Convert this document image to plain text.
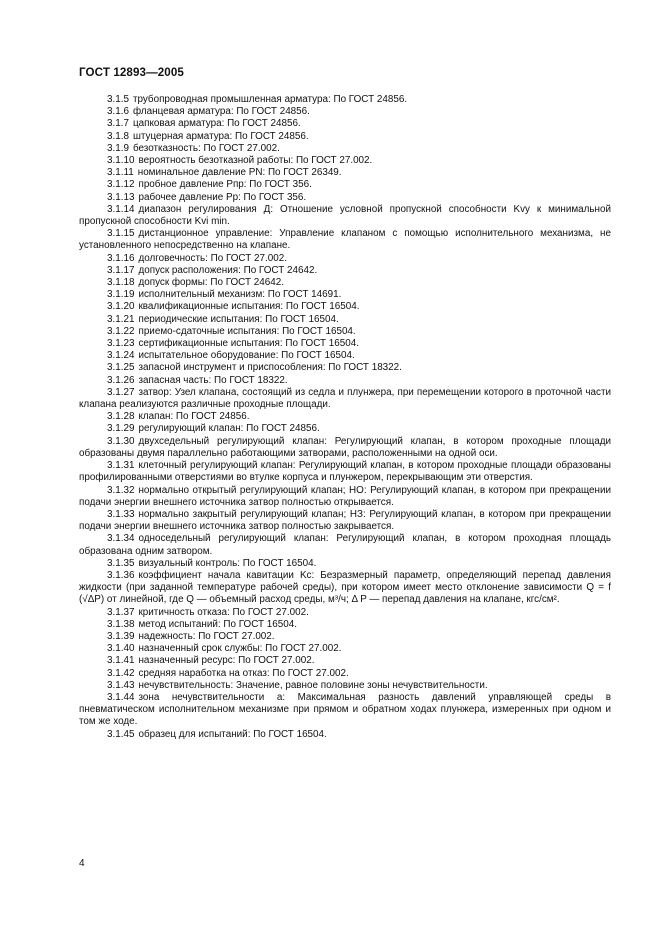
ГОСТ 12893—2005

3.1.5 трубопроводная промышленная арматура: По ГОСТ 24856.

3.1.6 фланцевая арматура: По ГОСТ 24856.

3.1.7 цапковая арматура: По ГОСТ 24856.

3.1.8 штуцерная арматура: По ГОСТ 24856.

3.1.9 безотказность: По ГОСТ 27.002.

3.1.10 вероятность безотказной работы: По ГОСТ 27.002.

3.1.11 номинальное давление PN: По ГОСТ 26349.

3.1.12 пробное давление Pпр: По ГОСТ 356.

3.1.13 рабочее давление Pp: По ГОСТ 356.

3.1.14 диапазон регулирования Д: Отношение условной пропускной способности Kvy к минимальной пропускной способности Kvi min.

3.1.15 дистанционное управление: Управление клапаном с помощью исполнительного механизма, не установленного непосредственно на клапане.

3.1.16 долговечность: По ГОСТ 27.002.

3.1.17 допуск расположения: По ГОСТ 24642.

3.1.18 допуск формы: По ГОСТ 24642.

3.1.19 исполнительный механизм: По ГОСТ 14691.

3.1.20 квалификационные испытания: По ГОСТ 16504.

3.1.21 периодические испытания: По ГОСТ 16504.

3.1.22 приемо-сдаточные испытания: По ГОСТ 16504.

3.1.23 сертификационные испытания: По ГОСТ 16504.

3.1.24 испытательное оборудование: По ГОСТ 16504.

3.1.25 запасной инструмент и приспособления: По ГОСТ 18322.

3.1.26 запасная часть: По ГОСТ 18322.

3.1.27 затвор: Узел клапана, состоящий из седла и плунжера, при перемещении которого в проточной части клапана реализуются различные проходные площади.

3.1.28 клапан: По ГОСТ 24856.

3.1.29 регулирующий клапан: По ГОСТ 24856.

3.1.30 двухседельный регулирующий клапан: Регулирующий клапан, в котором проходные площади образованы двумя параллельно работающими затворами, расположенными на одной оси.

3.1.31 клеточный регулирующий клапан: Регулирующий клапан, в котором проходные площади образованы профилированными отверстиями во втулке корпуса и плунжером, перекрывающим эти отверстия.

3.1.32 нормально открытый регулирующий клапан; НО: Регулирующий клапан, в котором при прекращении подачи энергии внешнего источника затвор полностью открывается.

3.1.33 нормально закрытый регулирующий клапан; НЗ: Регулирующий клапан, в котором при прекращении подачи энергии внешнего источника затвор полностью закрывается.

3.1.34 односедельный регулирующий клапан: Регулирующий клапан, в котором проходная площадь образована одним затвором.

3.1.35 визуальный контроль: По ГОСТ 16504.

3.1.36 коэффициент начала кавитации Kc: Безразмерный параметр, определяющий перепад давления жидкости (при заданной температуре рабочей среды), при котором имеет место отклонение зависимости Q = f (√ΔP) от линейной, где Q — объемный расход среды, м³/ч; Δ P — перепад давления на клапане, кгс/см².

3.1.37 критичность отказа: По ГОСТ 27.002.

3.1.38 метод испытаний: По ГОСТ 16504.

3.1.39 надежность: По ГОСТ 27.002.

3.1.40 назначенный срок службы: По ГОСТ 27.002.

3.1.41 назначенный ресурс: По ГОСТ 27.002.

3.1.42 средняя наработка на отказ: По ГОСТ 27.002.

3.1.43 нечувствительность: Значение, равное половине зоны нечувствительности.

3.1.44 зона нечувствительности a: Максимальная разность давлений управляющей среды в пневматическом исполнительном механизме при прямом и обратном ходах плунжера, измеренных при одном и том же ходе.

3.1.45 образец для испытаний: По ГОСТ 16504.

4
